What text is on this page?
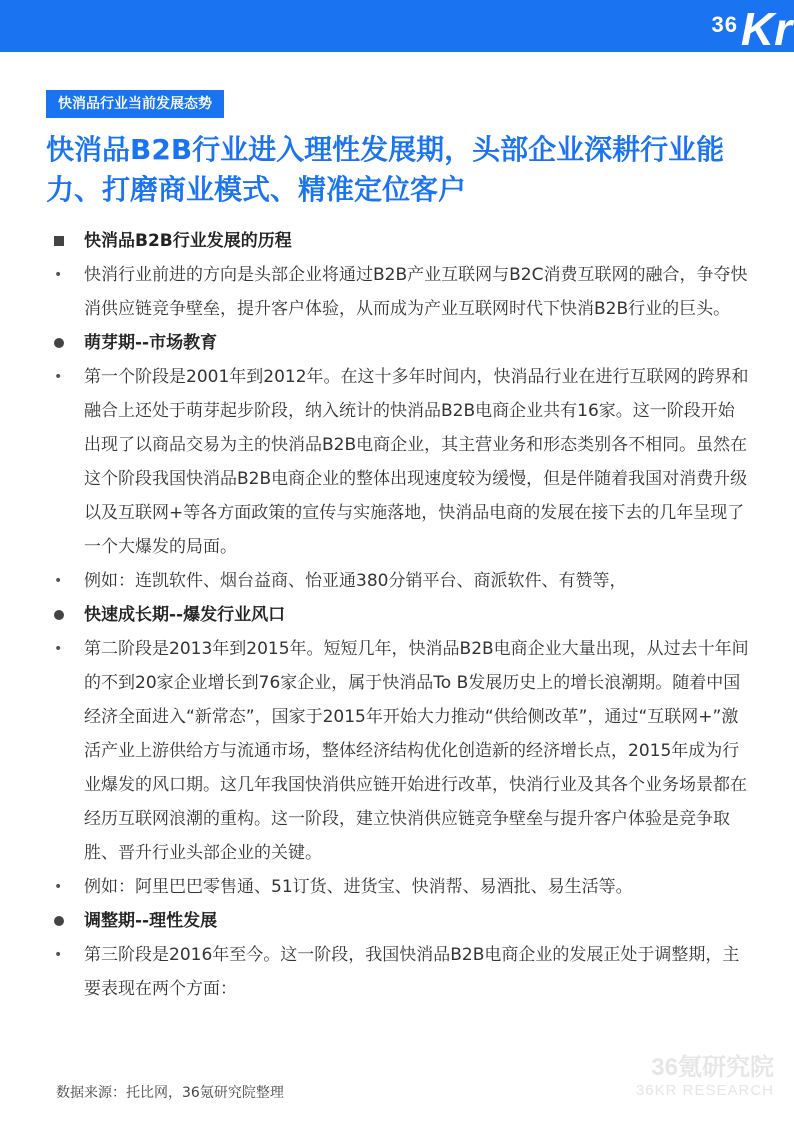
36 Kr
快消品行业当前发展态势
快消品B2B行业进入理性发展期，头部企业深耕行业能力、打磨商业模式、精准定位客户
快消品B2B行业发展的历程
• 快消行业前进的方向是头部企业将通过B2B产业互联网与B2C消费互联网的融合，争夺快消供应链竞争壁垒，提升客户体验，从而成为产业互联网时代下快消B2B行业的巨头。
萌芽期--市场教育
• 第一个阶段是2001年到2012年。在这十多年时间内，快消品行业在进行互联网的跨界和融合上还处于萌芽起步阶段，纳入统计的快消品B2B电商企业共有16家。这一阶段开始出现了以商品交易为主的快消品B2B电商企业，其主营业务和形态类别各不相同。虽然在这个阶段我国快消品B2B电商企业的整体出现速度较为缓慢，但是伴随着我国对消费升级以及互联网+等各方面政策的宣传与实施落地，快消品电商的发展在接下去的几年呈现了一个大爆发的局面。
• 例如：连凯软件、烟台益商、怡亚通380分销平台、商派软件、有赞等，
快速成长期--爆发行业风口
• 第二阶段是2013年到2015年。短短几年，快消品B2B电商企业大量出现，从过去十年间的不到20家企业增长到76家企业，属于快消品To B发展历史上的增长浪潮期。随着中国经济全面进入“新常态”，国家于2015年开始大力推动“供给侧改革”，通过“互联网+”激活产业上游供给方与流通市场，整体经济结构优化创造新的经济增长点，2015年成为行业爆发的风口期。这几年我国快消供应链开始进行改革，快消行业及其各个业务场景都在经历互联网浪潮的重构。这一阶段，建立快消供应链竞争壁垒与提升客户体验是竞争取胜、晋升行业头部企业的关键。
• 例如：阿里巴巴零售通、51订货、进货宝、快消帮、易酒批、易生活等。
调整期--理性发展
• 第三阶段是2016年至今。这一阶段，我国快消品B2B电商企业的发展正处于调整期，主要表现在两个方面：
数据来源：托比网，36氪研究院整理
36氪研究院
36KR RESEARCH
